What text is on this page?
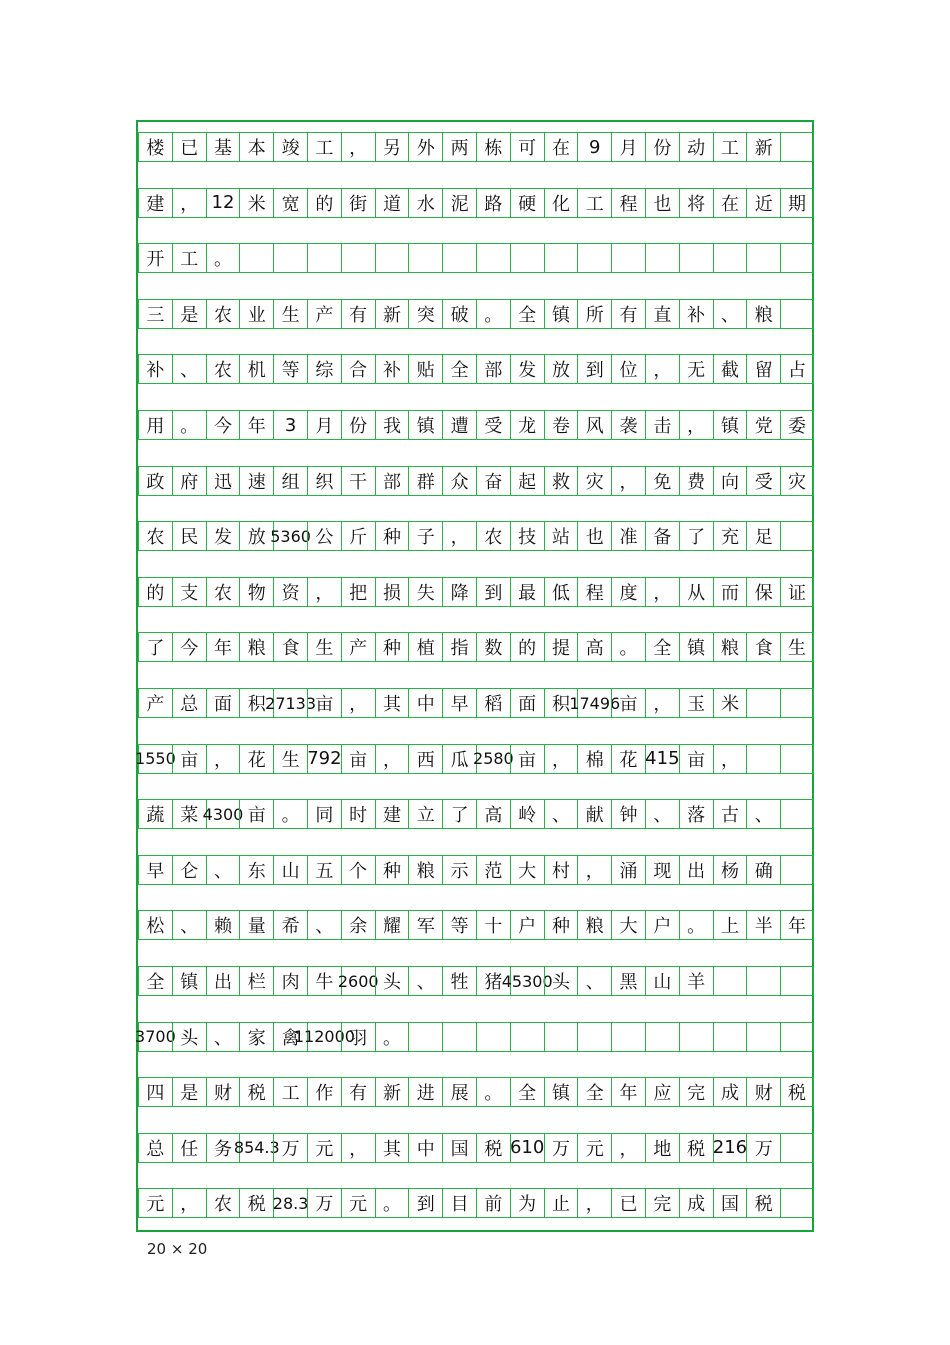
楼 已 基 本 竣 工 ， 另 外 两 栋 可 在	9	月 份 动 工 新
建 ， 12 米 宽 的 街 道 水 泥 路 硬 化 工 程 也 将 在 近 期
开 工 。
三 是 农 业 生 产 有 新 突 破 。 全 镇 所 有 直 补 、 粮
补 、 农 机 等 综 合 补 贴 全 部 发 放 到 位 ， 无 截 留 占
用 。 今 年	3	月 份 我 镇 遭 受 龙 卷 风 袭 击 ， 镇 党 委
政 府 迅 速 组 织 干 部 群 众 奋 起 救 灾 ， 免 费 向 受 灾
农 民 发 放 5360 公 斤 种 子 ， 农 技 站 也 准 备 了 充 足
的 支 农 物 资 ， 把 损 失 降 到 最 低 程 度 ， 从 而 保 证
了 今 年 粮 食 生 产 种 植 指 数 的 提 高 。 全 镇 粮 食 生
产 总 面 积 27133 亩 ， 其 中 早 稻 面 积 17496 亩 ， 玉 米
1550 亩 ， 花 生 792 亩 ， 西 瓜 2580 亩 ， 棉 花 415 亩 ，
蔬 菜 4300 亩 。 同 时 建 立 了 高 岭 、 献 钟 、 落 古 、
早 仑 、 东 山 五 个 种 粮 示 范 大 村 ， 涌 现 出 杨 确
松 、 赖 量 希 、 余 耀 军 等 十 户 种 粮 大 户 。 上 半 年
全 镇 出 栏 肉 牛 2600 头 、 牲 猪 45300 头 、 黑 山 羊
3700 头 、 家 禽
112000
羽 。
四 是 财 税 工 作 有 新 进 展 。 全 镇 全 年 应 完 成 财 税
总 任 务 854.3 万 元 ， 其 中 国 税 610 万 元 ， 地 税 216 万
元 ， 农 税 28.3 万 元 。 到 目 前 为 止 ， 已 完 成 国 税
20 × 20
